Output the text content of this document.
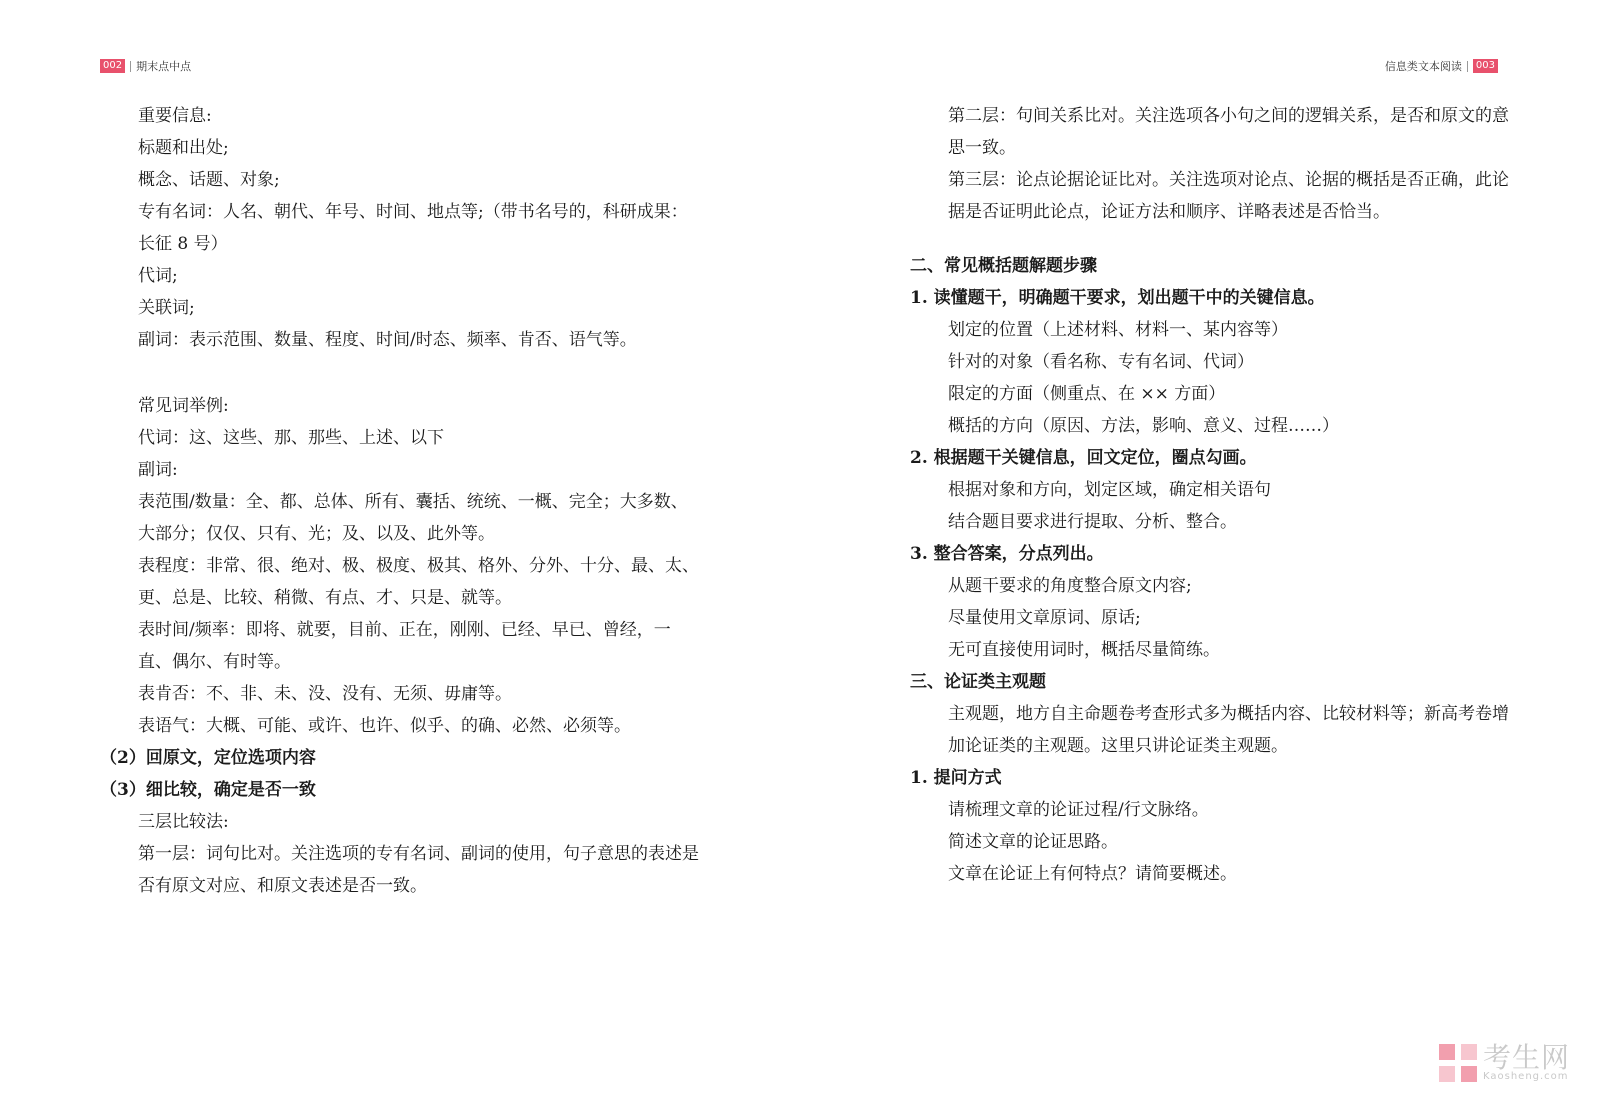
002 期末点中点	信息类文本阅读	003

重要信息:

标题和出处;

概念、话题、对象;

专有名词：人名、朝代、年号、时间、地点等;（带书名号的，科研成果：长征 8 号）

代词;

关联词;

副词：表示范围、数量、程度、时间/时态、频率、肯否、语气等。

常见词举例:

代词：这、这些、那、那些、上述、以下

副词:

表范围/数量：全、都、总体、所有、囊括、统统、一概、完全；大多数、大部分；仅仅、只有、光；及、以及、此外等。

表程度：非常、很、绝对、极、极度、极其、格外、分外、十分、最、太、更、总是、比较、稍微、有点、才、只是、就等。

表时间/频率：即将、就要，目前、正在，刚刚、已经、早已、曾经，一直、偶尔、有时等。

表肯否：不、非、未、没、没有、无须、毋庸等。

表语气：大概、可能、或许、也许、似乎、的确、必然、必须等。

（2）回原文，定位选项内容

（3）细比较，确定是否一致

三层比较法:

第一层：词句比对。关注选项的专有名词、副词的使用，句子意思的表述是否有原文对应、和原文表述是否一致。

第二层：句间关系比对。关注选项各小句之间的逻辑关系，是否和原文的意思一致。

第三层：论点论据论证比对。关注选项对论点、论据的概括是否正确，此论据是否证明此论点，论证方法和顺序、详略表述是否恰当。

二、常见概括题解题步骤

1. 读懂题干，明确题干要求，划出题干中的关键信息。

划定的位置（上述材料、材料一、某内容等）

针对的对象（看名称、专有名词、代词）

限定的方面（侧重点、在 ×× 方面）

概括的方向（原因、方法，影响、意义、过程……）

2. 根据题干关键信息，回文定位，圈点勾画。

根据对象和方向，划定区域，确定相关语句

结合题目要求进行提取、分析、整合。

3. 整合答案，分点列出。

从题干要求的角度整合原文内容;

尽量使用文章原词、原话;

无可直接使用词时，概括尽量简练。

三、论证类主观题

主观题，地方自主命题卷考查形式多为概括内容、比较材料等；新高考卷增加论证类的主观题。这里只讲论证类主观题。

1. 提问方式

请梳理文章的论证过程/行文脉络。

简述文章的论证思路。

文章在论证上有何特点？请简要概述。

考生网
Kaosheng.com
